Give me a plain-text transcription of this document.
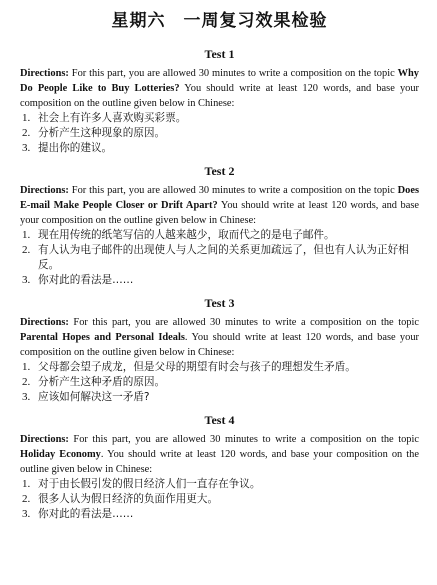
星期六　一周复习效果检验
Test 1

Directions: For this part, you are allowed 30 minutes to write a composition on the topic Why Do People Like to Buy Lotteries? You should write at least 120 words, and base your composition on the outline given below in Chinese:

1. 社会上有许多人喜欢购买彩票。
2. 分析产生这种现象的原因。
3. 提出你的建议。
Test 2

Directions: For this part, you are allowed 30 minutes to write a composition on the topic Does E-mail Make People Closer or Drift Apart? You should write at least 120 words, and base your composition on the outline given below in Chinese:

1. 现在用传统的纸笔写信的人越来越少，取而代之的是电子邮件。
2. 有人认为电子邮件的出现使人与人之间的关系更加疏远了，但也有人认为正好相反。
3. 你对此的看法是……
Test 3

Directions: For this part, you are allowed 30 minutes to write a composition on the topic Parental Hopes and Personal Ideals. You should write at least 120 words, and base your composition on the outline given below in Chinese:

1. 父母都会望子成龙，但是父母的期望有时会与孩子的理想发生矛盾。
2. 分析产生这种矛盾的原因。
3. 应该如何解决这一矛盾?
Test 4

Directions: For this part, you are allowed 30 minutes to write a composition on the topic Holiday Economy. You should write at least 120 words, and base your composition on the outline given below in Chinese:

1. 对于由长假引发的假日经济人们一直存在争议。
2. 很多人认为假日经济的负面作用更大。
3. 你对此的看法是……
